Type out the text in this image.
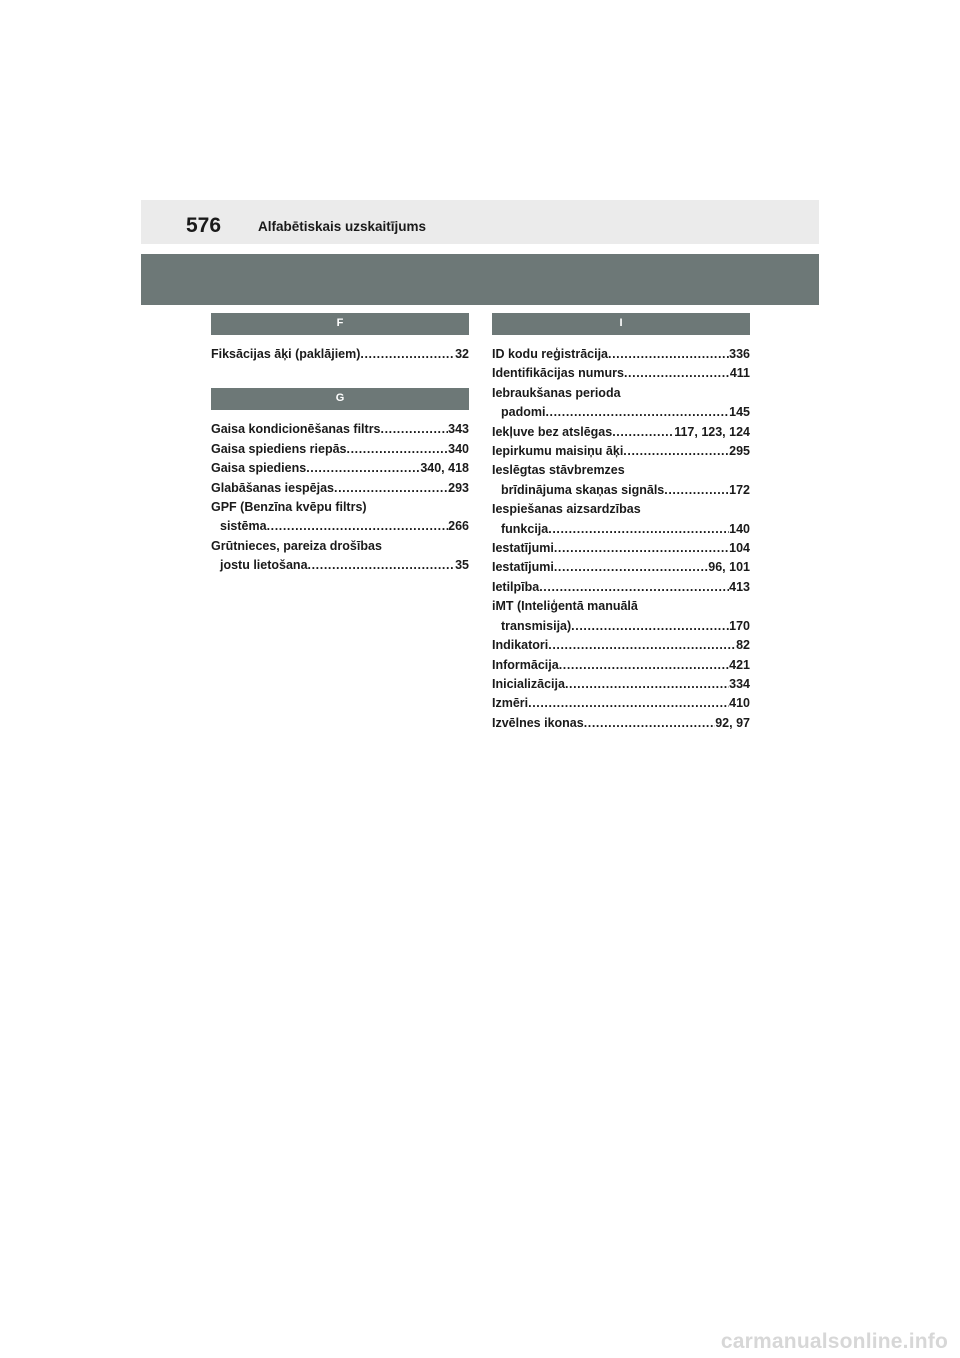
576	Alfabētiskais uzskaitījums
F
Fiksācijas āķi (paklājiem) .....	32
G
Gaisa kondicionēšanas filtrs .....	343
Gaisa spiediens riepās .....	340
Gaisa spiediens .....	340, 418
Glabāšanas iespējas .....	293
GPF (Benzīna kvēpu filtrs)
sistēma .....	266
Grūtnieces, pareiza drošības
jostu lietošana .....	35
I
ID kodu reģistrācija .....	336
Identifikācijas numurs .....	411
Iebraukšanas perioda
padomi .....	145
Iekļuve bez atslēgas .....	117, 123, 124
Iepirkumu maisiņu āķi .....	295
Ieslēgtas stāvbremzes
brīdinājuma skaņas signāls .....	172
Iespiešanas aizsardzības
funkcija .....	140
Iestatījumi .....	104
Iestatījumi .....	96, 101
Ietilpība .....	413
iMT (Inteliģentā manuālā
transmisija) .....	170
Indikatori .....	82
Informācija .....	421
Inicializācija .....	334
Izmēri .....	410
Izvēlnes ikonas .....	92, 97
carmanualsonline.info
